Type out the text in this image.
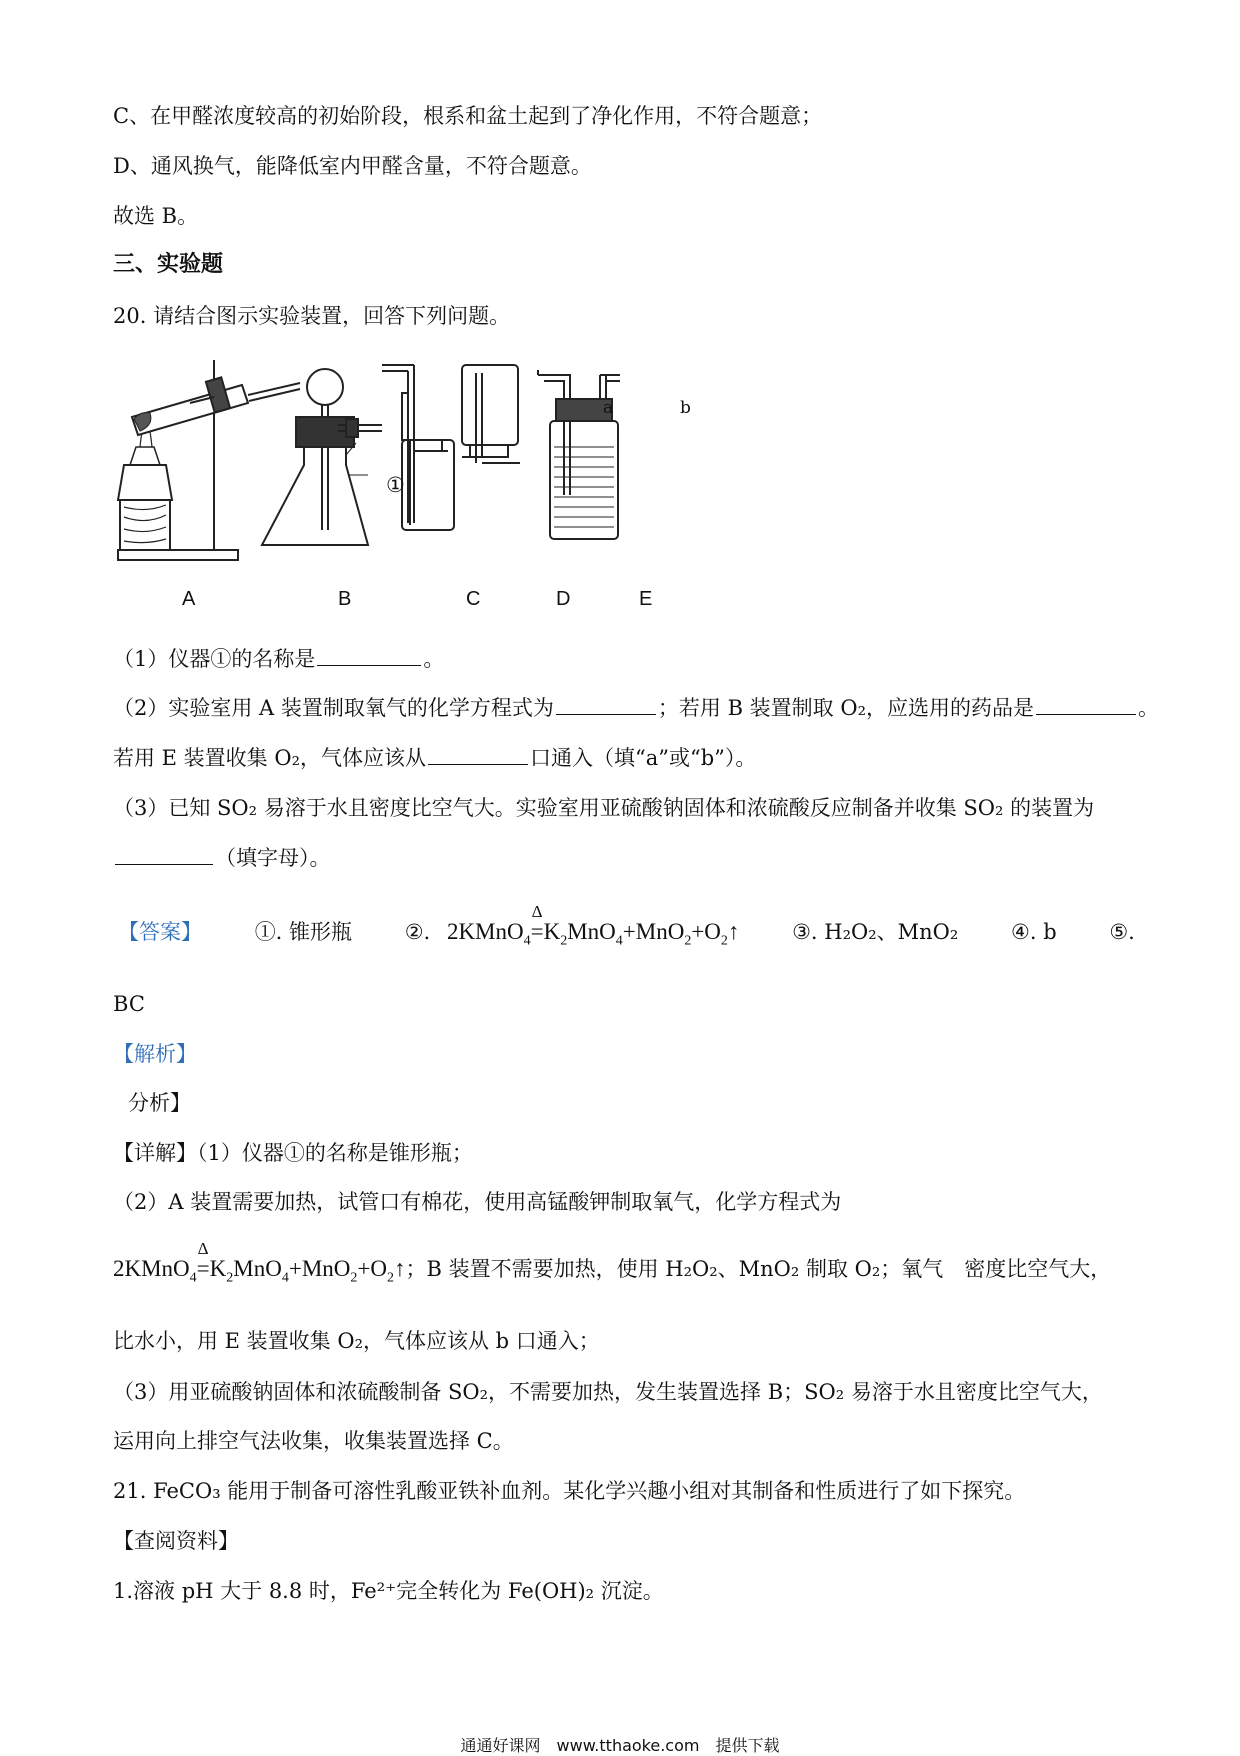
C、在甲醛浓度较高的初始阶段，根系和盆土起到了净化作用，不符合题意；
D、通风换气，能降低室内甲醛含量，不符合题意。
故选 B。
三、实验题
20. 请结合图示实验装置，回答下列问题。
①
a	b
A	B	C	D	E
（1）仪器①的名称是	。
（2）实验室用 A 装置制取氧气的化学方程式为	；若用 B 装置制取 O₂，应选用的药品是	。
若用 E 装置收集 O₂，气体应该从	口通入（填“a”或“b”）。
（3）已知 SO₂ 易溶于水且密度比空气大。实验室用亚硫酸钠固体和浓硫酸反应制备并收集 SO₂ 的装置为
（填字母）。
【答案】	①. 锥形瓶	②. 2KMnO$_4$
Δ
$=K_2MnO_4+MnO_2+O_2↑$	③. H₂O₂、MnO₂	④. b	⑤.
BC
【解析】
分析】
【详解】（1）仪器①的名称是锥形瓶；
（2）A 装置需要加热，试管口有棉花，使用高锰酸钾制取氧气，化学方程式为
2KMnO$_4$
Δ
$=K_2MnO_4+MnO_2+O_2↑$；B 装置不需要加热，使用 H₂O₂、MnO₂ 制取 O₂；氧气　密度比空气大，
比水小，用 E 装置收集 O₂，气体应该从 b 口通入；
（3）用亚硫酸钠固体和浓硫酸制备 SO₂，不需要加热，发生装置选择 B；SO₂ 易溶于水且密度比空气大，
运用向上排空气法收集，收集装置选择 C。
21. FeCO₃ 能用于制备可溶性乳酸亚铁补血剂。某化学兴趣小组对其制备和性质进行了如下探究。
【查阅资料】
1.溶液 pH 大于 8.8 时，Fe²⁺完全转化为 Fe(OH)₂ 沉淀。
通通好课网　www.tthaoke.com　提供下载
